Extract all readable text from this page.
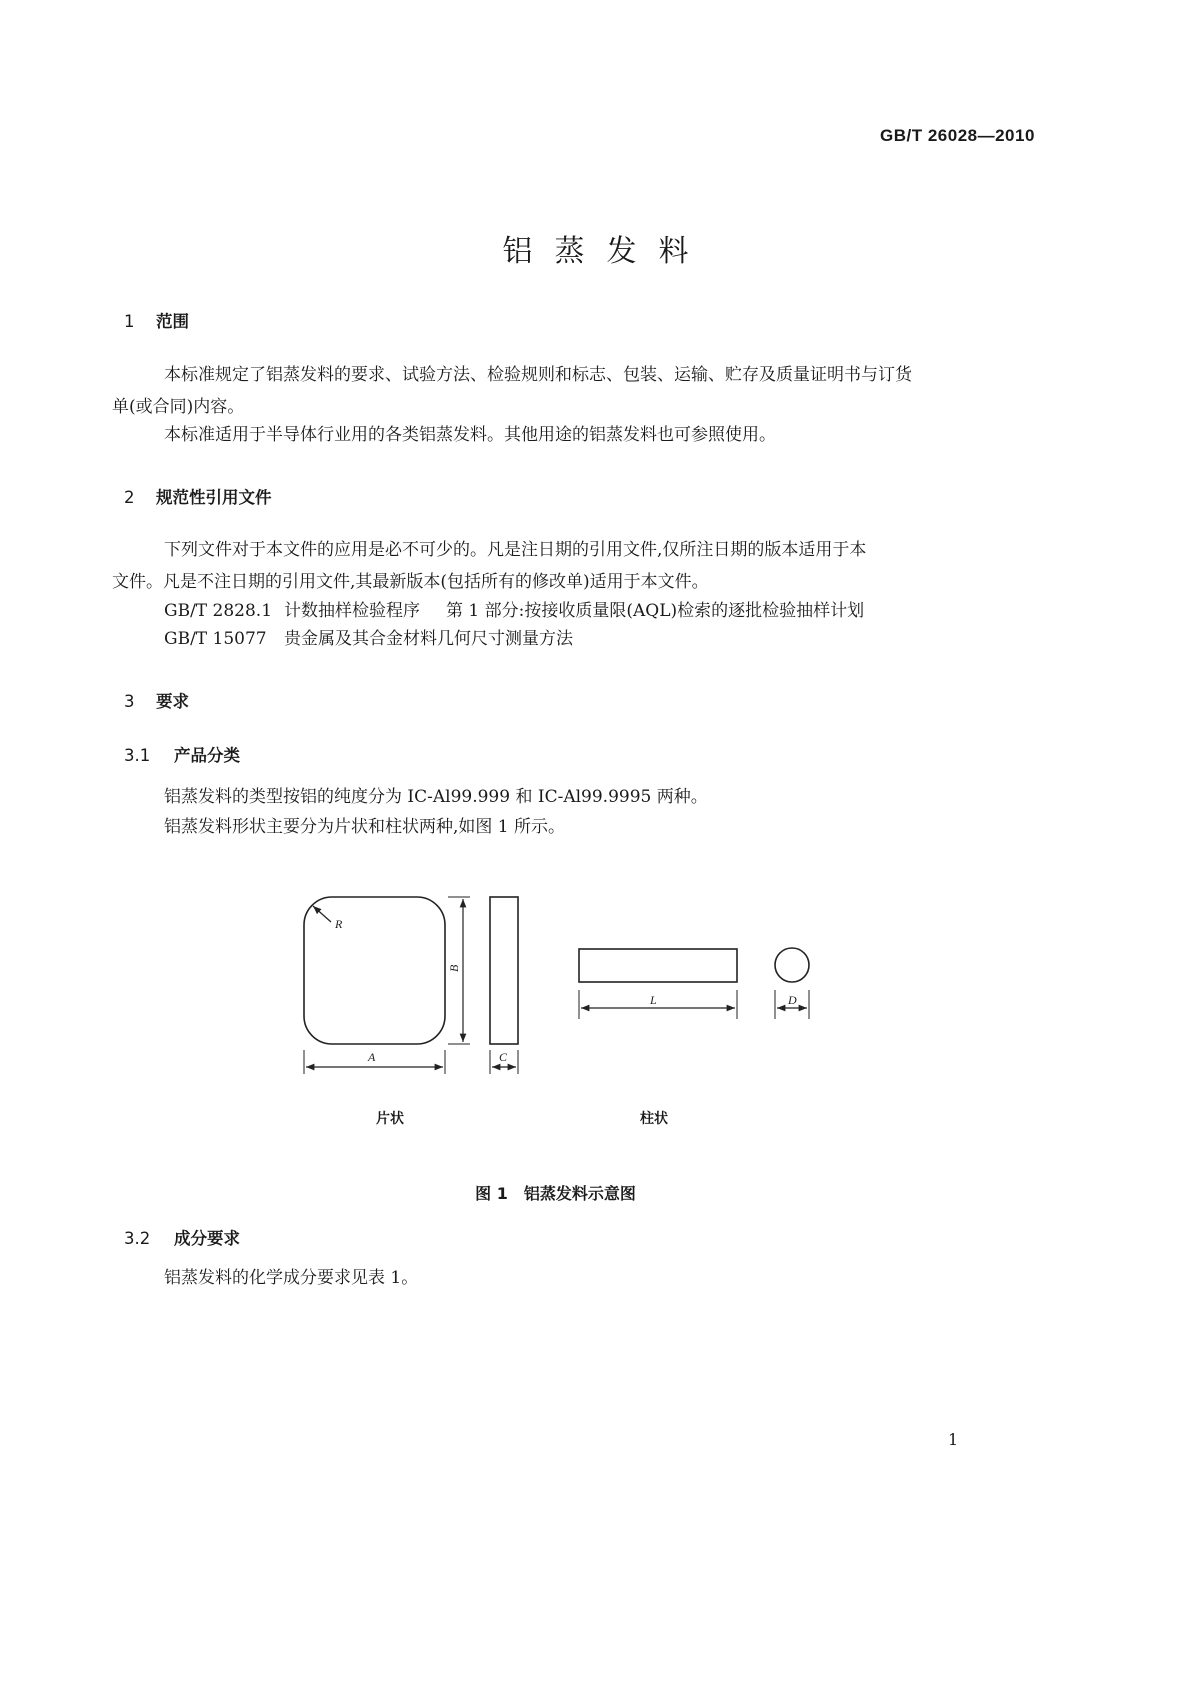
GB/T 26028—2010
铝蒸发料
1 范围
本标准规定了铝蒸发料的要求、试验方法、检验规则和标志、包装、运输、贮存及质量证明书与订货
单(或合同)内容。
本标准适用于半导体行业用的各类铝蒸发料。其他用途的铝蒸发料也可参照使用。
2 规范性引用文件
下列文件对于本文件的应用是必不可少的。凡是注日期的引用文件,仅所注日期的版本适用于本
文件。凡是不注日期的引用文件,其最新版本(包括所有的修改单)适用于本文件。
GB/T 2828.1 计数抽样检验程序 第 1 部分:按接收质量限(AQL)检索的逐批检验抽样计划
GB/T 15077 贵金属及其合金材料几何尺寸测量方法
3 要求
3.1 产品分类
铝蒸发料的类型按铝的纯度分为 IC-Al99.999 和 IC-Al99.9995 两种。
铝蒸发料形状主要分为片状和柱状两种,如图 1 所示。
R
B
A	C
L	D
片状	柱状
图 1　铝蒸发料示意图
3.2 成分要求
铝蒸发料的化学成分要求见表 1。
1
